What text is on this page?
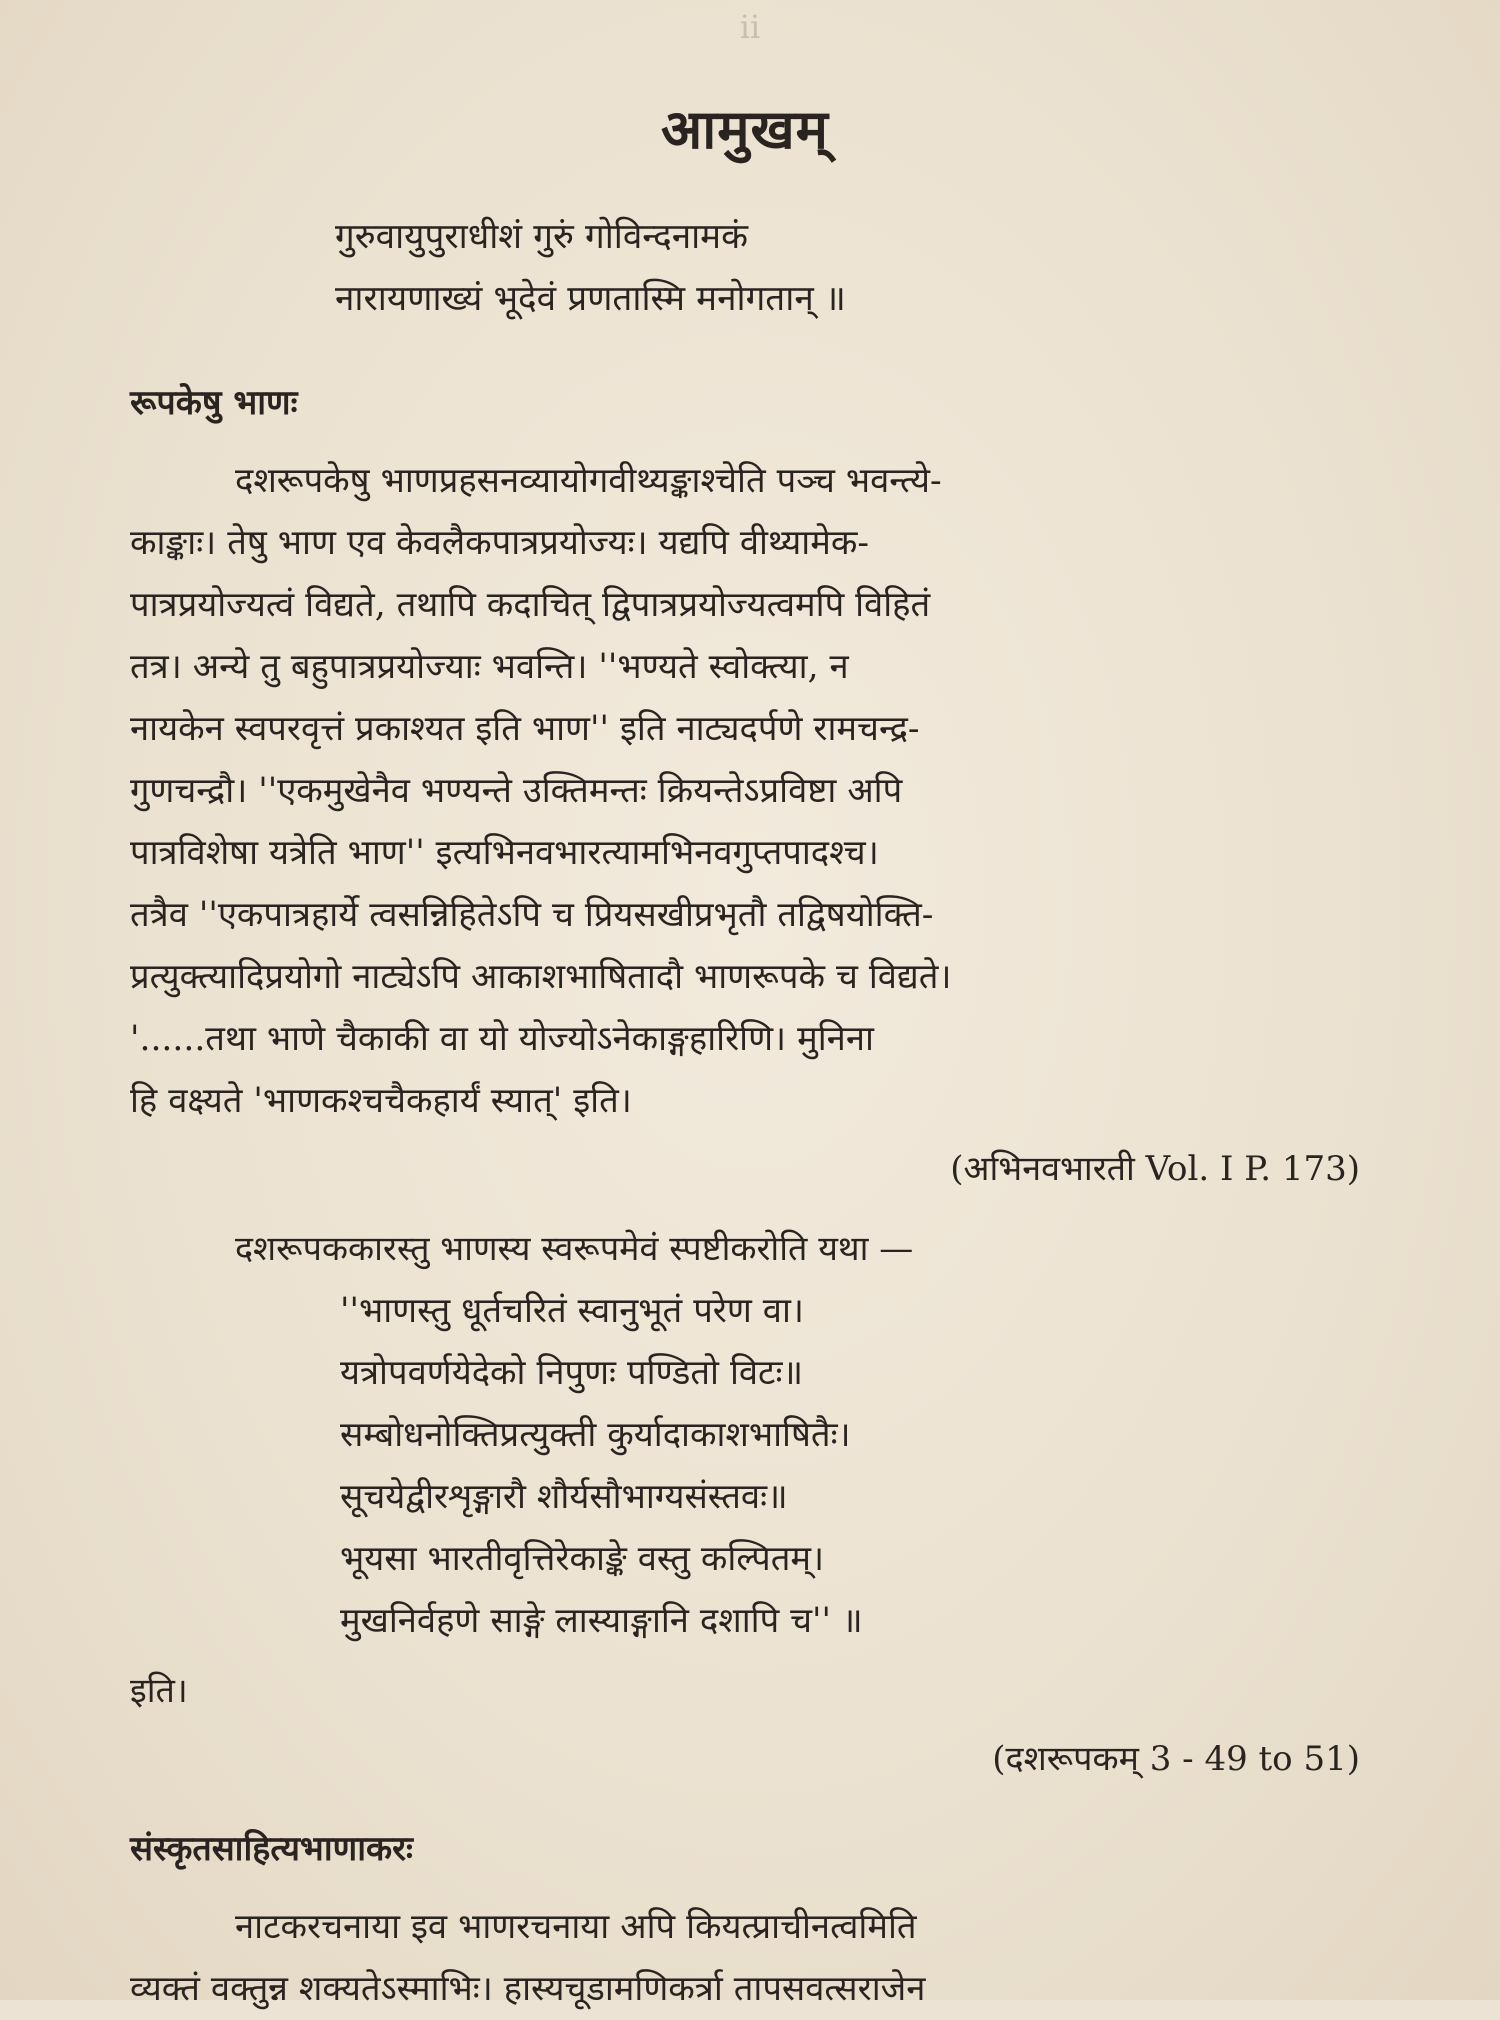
ii
आमुखम्
गुरुवायुपुराधीशं गुरुं गोविन्दनामकं
नारायणाख्यं भूदेवं प्रणतास्मि मनोगतान् ॥
रूपकेषु भाणः
दशरूपकेषु भाणप्रहसनव्यायोगवीथ्यङ्काश्चेति पञ्च भवन्त्ये-
काङ्काः। तेषु भाण एव केवलैकपात्रप्रयोज्यः। यद्यपि वीथ्यामेक-
पात्रप्रयोज्यत्वं विद्यते, तथापि कदाचित् द्विपात्रप्रयोज्यत्वमपि विहितं
तत्र। अन्ये तु बहुपात्रप्रयोज्याः भवन्ति। ''भण्यते स्वोक्त्या, न
नायकेन स्वपरवृत्तं प्रकाश्यत इति भाण'' इति नाट्यदर्पणे रामचन्द्र-
गुणचन्द्रौ। ''एकमुखेनैव भण्यन्ते उक्तिमन्तः क्रियन्तेऽप्रविष्टा अपि
पात्रविशेषा यत्रेति भाण'' इत्यभिनवभारत्यामभिनवगुप्तपादश्च।
तत्रैव ''एकपात्रहार्ये त्वसन्निहितेऽपि च प्रियसखीप्रभृतौ तद्विषयोक्ति-
प्रत्युक्त्यादिप्रयोगो नाट्येऽपि आकाशभाषितादौ भाणरूपके च विद्यते।
'......तथा भाणे चैकाकी वा यो योज्योऽनेकाङ्गहारिणि। मुनिना
हि वक्ष्यते 'भाणकश्चचैकहार्यं स्यात्' इति।
(अभिनवभारती Vol. I P. 173)
दशरूपककारस्तु भाणस्य स्वरूपमेवं स्पष्टीकरोति यथा —
''भाणस्तु धूर्तचरितं स्वानुभूतं परेण वा।
यत्रोपवर्णयेदेको निपुणः पण्डितो विटः॥
सम्बोधनोक्तिप्रत्युक्ती कुर्यादाकाशभाषितैः।
सूचयेद्वीरशृङ्गारौ शौर्यसौभाग्यसंस्तवः॥
भूयसा भारतीवृत्तिरेकाङ्के वस्तु कल्पितम्।
मुखनिर्वहणे साङ्गे लास्याङ्गानि दशापि च'' ॥
इति।
(दशरूपकम् 3 - 49 to 51)
संस्कृतसाहित्यभाणाकरः
नाटकरचनाया इव भाणरचनाया अपि कियत्प्राचीनत्वमिति
व्यक्तं वक्तुन्न शक्यतेऽस्माभिः। हास्यचूडामणिकर्त्रा तापसवत्सराजेन
